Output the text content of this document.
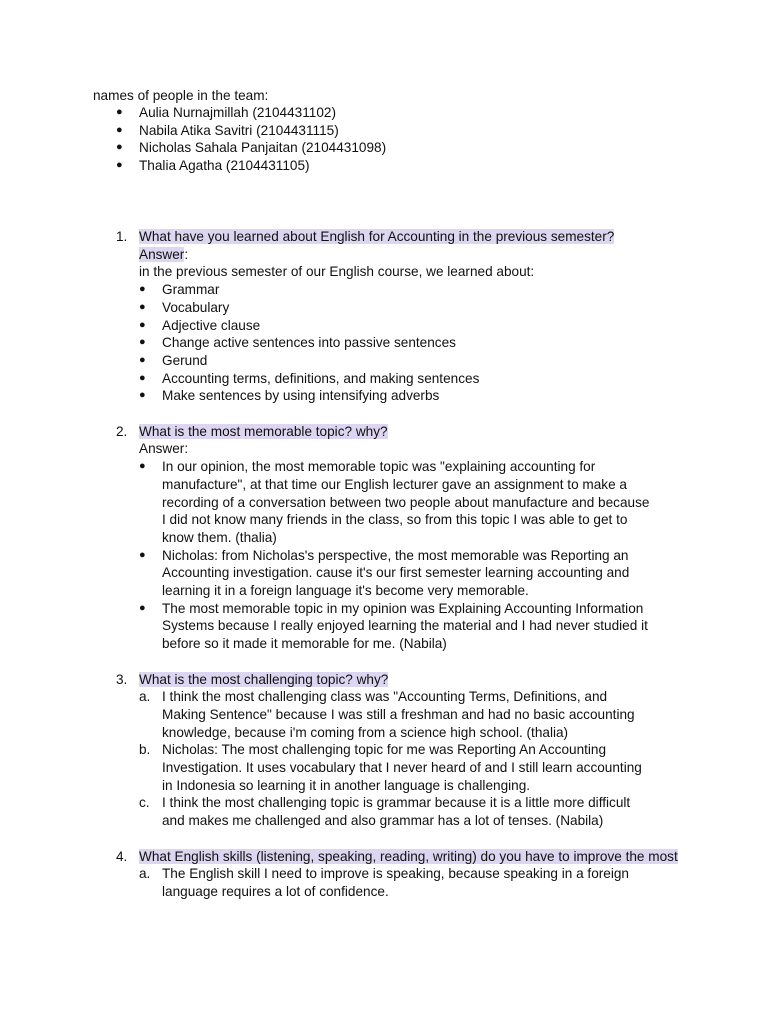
names of people in the team:
● Aulia Nurnajmillah (2104431102)
● Nabila Atika Savitri (2104431115)
● Nicholas Sahala Panjaitan (2104431098)
● Thalia Agatha (2104431105)
1. What have you learned about English for Accounting in the previous semester?
Answer:
in the previous semester of our English course, we learned about:
● Grammar
● Vocabulary
● Adjective clause
● Change active sentences into passive sentences
● Gerund
● Accounting terms, definitions, and making sentences
● Make sentences by using intensifying adverbs
2. What is the most memorable topic? why?
Answer:
● In our opinion, the most memorable topic was "explaining accounting for manufacture", at that time our English lecturer gave an assignment to make a recording of a conversation between two people about manufacture and because I did not know many friends in the class, so from this topic I was able to get to know them. (thalia)
● Nicholas: from Nicholas's perspective, the most memorable was Reporting an Accounting investigation. cause it's our first semester learning accounting and learning it in a foreign language it's become very memorable.
● The most memorable topic in my opinion was Explaining Accounting Information Systems because I really enjoyed learning the material and I had never studied it before so it made it memorable for me. (Nabila)
3. What is the most challenging topic? why?
a. I think the most challenging class was "Accounting Terms, Definitions, and Making Sentence" because I was still a freshman and had no basic accounting knowledge, because i'm coming from a science high school. (thalia)
b. Nicholas: The most challenging topic for me was Reporting An Accounting Investigation. It uses vocabulary that I never heard of and I still learn accounting in Indonesia so learning it in another language is challenging.
c. I think the most challenging topic is grammar because it is a little more difficult and makes me challenged and also grammar has a lot of tenses. (Nabila)
4. What English skills (listening, speaking, reading, writing) do you have to improve the most
a. The English skill I need to improve is speaking, because speaking in a foreign language requires a lot of confidence.
